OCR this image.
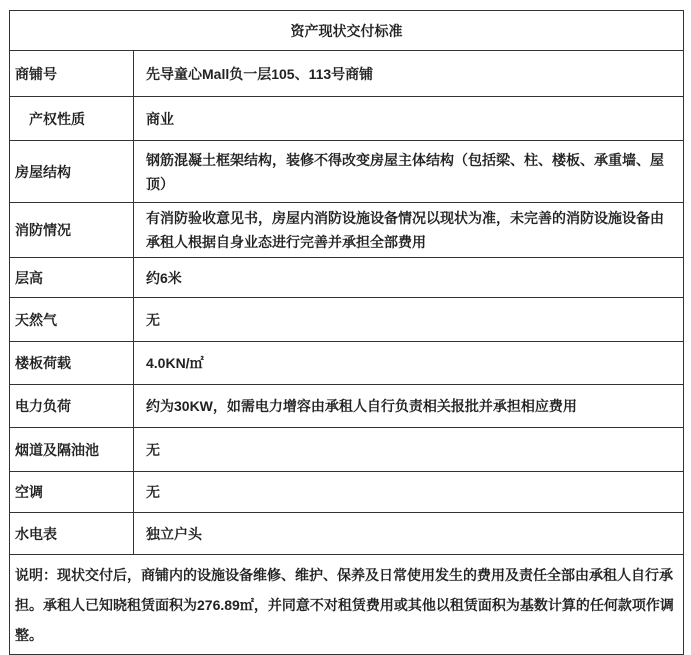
资产现状交付标准	
商铺号	先导童心Mall负一层105、113号商铺
　产权性质	商业
房屋结构	钢筋混凝土框架结构，装修不得改变房屋主体结构（包括梁、柱、楼板、承重墙、屋顶）
消防情况	有消防验收意见书，房屋内消防设施设备情况以现状为准，未完善的消防设施设备由承租人根据自身业态进行完善并承担全部费用
层高	约6米
天然气	无
楼板荷载	4.0KN/㎡
电力负荷	约为30KW，如需电力增容由承租人自行负责相关报批并承担相应费用
烟道及隔油池	无
空调	无
水电表	独立户头
说明：现状交付后，商铺内的设施设备维修、维护、保养及日常使用发生的费用及责任全部由承租人自行承担。承租人已知晓租赁面积为276.89㎡，并同意不对租赁费用或其他以租赁面积为基数计算的任何款项作调整。	
